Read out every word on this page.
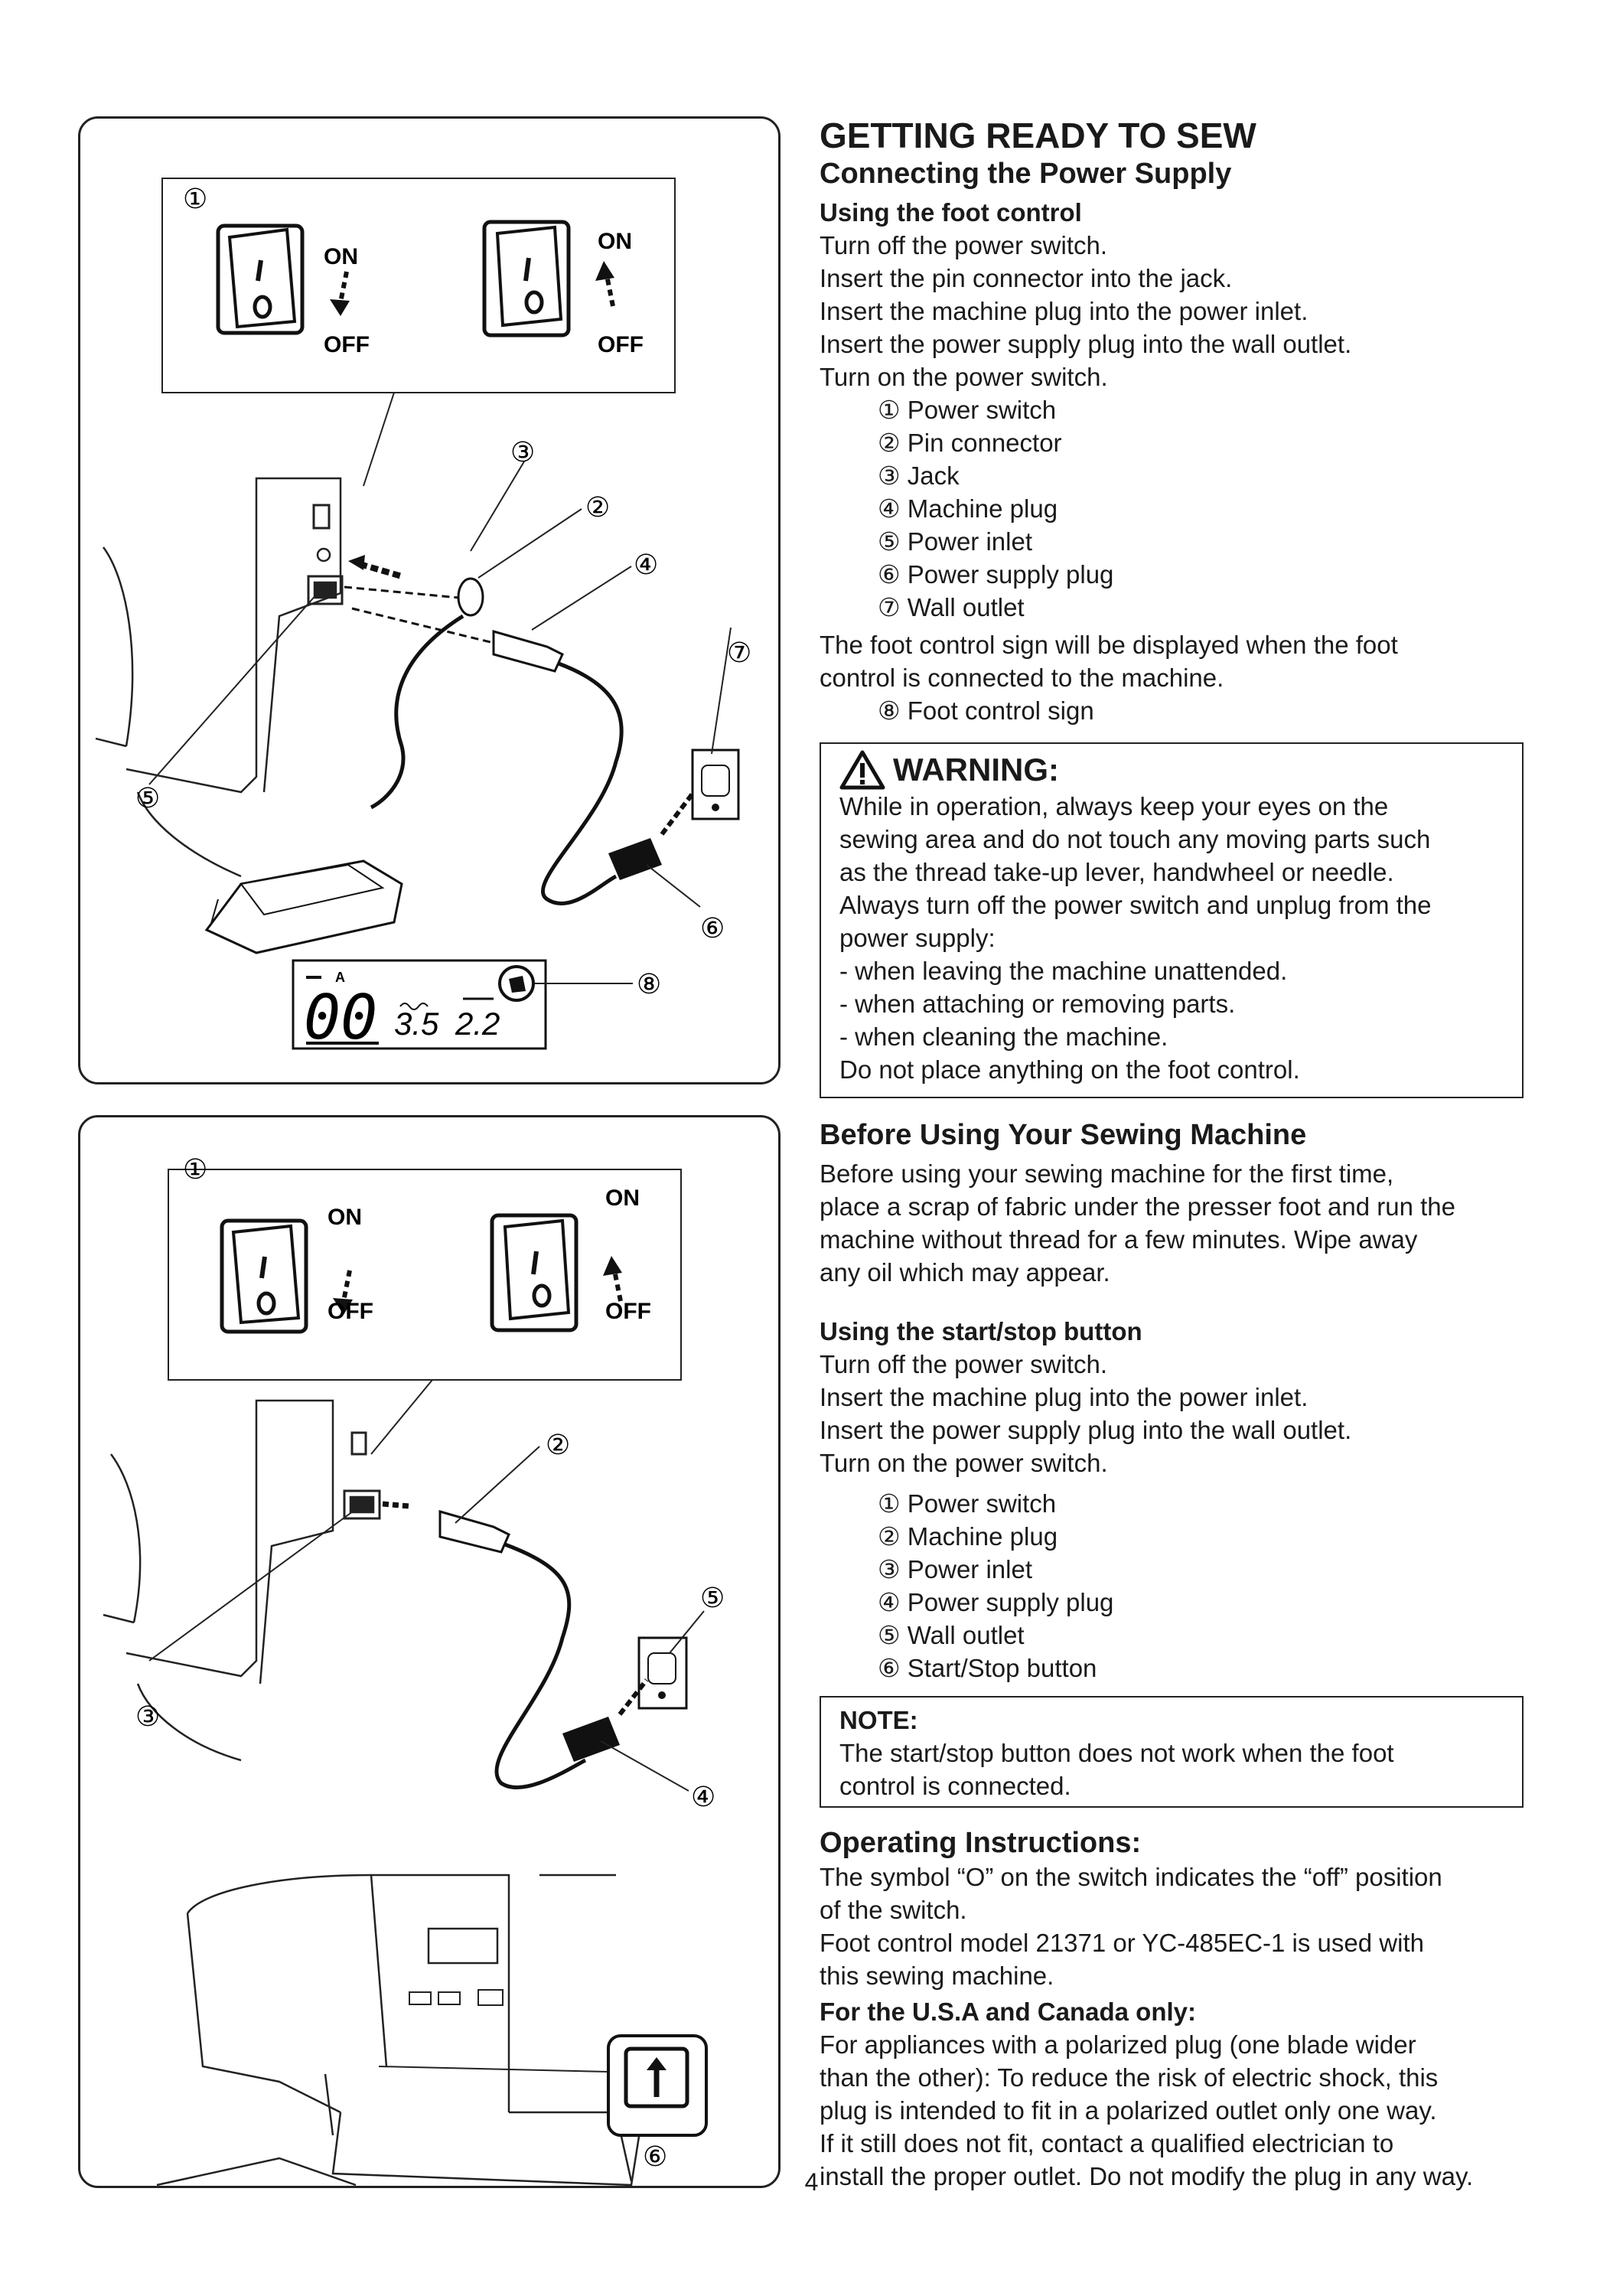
①
ON
OFF
ON
OFF
③
②
④
⑦
⑤
⑥
A
00 3.5 2.2
⑧
①
ON
OFF
ON
OFF
②
③
⑤
④
⑥

GETTING READY TO SEW

Connecting the Power Supply

Using the foot control

Turn off the power switch.

Insert the pin connector into the jack.

Insert the machine plug into the power inlet.

Insert the power supply plug into the wall outlet.

Turn on the power switch.

① Power switch

② Pin connector

③ Jack

④ Machine plug

⑤ Power inlet

⑥ Power supply plug

⑦ Wall outlet

The foot control sign will be displayed when the foot

control is connected to the machine.

⑧ Foot control sign

WARNING:

While in operation, always keep your eyes on the

sewing area and do not touch any moving parts such

as the thread take-up lever, handwheel or needle.

Always turn off the power switch and unplug from the

power supply:

- when leaving the machine unattended.

- when attaching or removing parts.

- when cleaning the machine.

Do not place anything on the foot control.

Before Using Your Sewing Machine

Before using your sewing machine for the first time,

place a scrap of fabric under the presser foot and run the

machine without thread for a few minutes. Wipe away

any oil which may appear.

Using the start/stop button

Turn off the power switch.

Insert the machine plug into the power inlet.

Insert the power supply plug into the wall outlet.

Turn on the power switch.

① Power switch

② Machine plug

③ Power inlet

④ Power supply plug

⑤ Wall outlet

⑥ Start/Stop button

NOTE:

The start/stop button does not work when the foot

control is connected.

Operating Instructions:

The symbol “O” on the switch indicates the “off” position

of the switch.

Foot control model 21371 or YC-485EC-1 is used with

this sewing machine.

For the U.S.A and Canada only:

For appliances with a polarized plug (one blade wider

than the other): To reduce the risk of electric shock, this

plug is intended to fit in a polarized outlet only one way.

If it still does not fit, contact a qualified electrician to

install the proper outlet. Do not modify the plug in any way.

4
